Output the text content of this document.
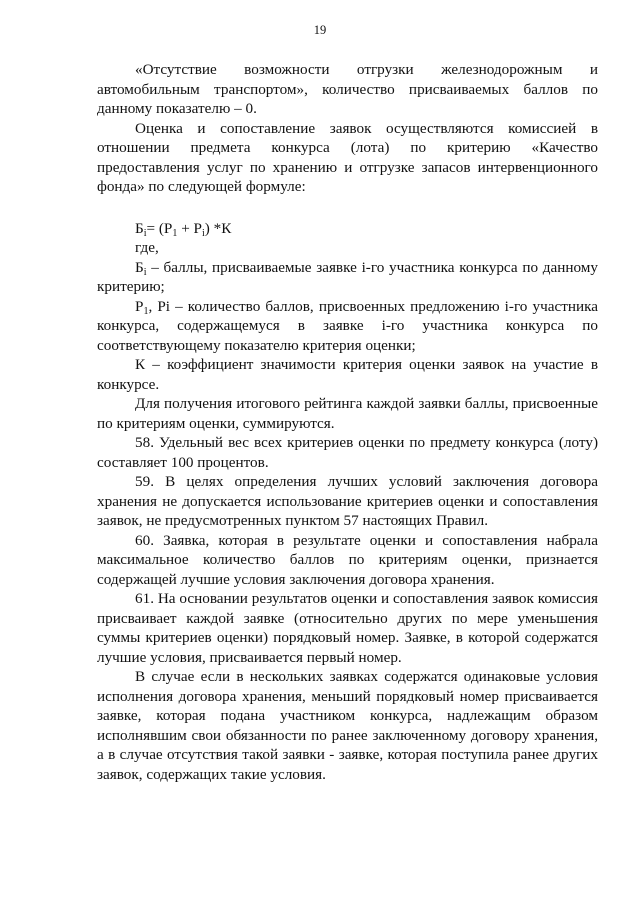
19

«Отсутствие возможности отгрузки железнодорожным и автомобильным транспортом», количество присваиваемых баллов по данному показателю – 0.

Оценка и сопоставление заявок осуществляются комиссией в отношении предмета конкурса (лота) по критерию «Качество предоставления услуг по хранению и отгрузке запасов интервенционного фонда» по следующей формуле:

$Б_i= (Р_1 + Р_i)$ *К
где,

$Б_i$ – баллы, присваиваемые заявке i-го участника конкурса по данному критерию;

$Р_1$, Рi – количество баллов, присвоенных предложению i-го участника конкурса, содержащемуся в заявке i-го участника конкурса по соответствующему показателю критерия оценки;

К – коэффициент значимости критерия оценки заявок на участие в конкурсе.

Для получения итогового рейтинга каждой заявки баллы, присвоенные по критериям оценки, суммируются.

58. Удельный вес всех критериев оценки по предмету конкурса (лоту) составляет 100 процентов.

59. В целях определения лучших условий заключения договора хранения не допускается использование критериев оценки и сопоставления заявок, не предусмотренных пунктом 57 настоящих Правил.

60. Заявка, которая в результате оценки и сопоставления набрала максимальное количество баллов по критериям оценки, признается содержащей лучшие условия заключения договора хранения.

61. На основании результатов оценки и сопоставления заявок комиссия присваивает каждой заявке (относительно других по мере уменьшения суммы критериев оценки) порядковый номер. Заявке, в которой содержатся лучшие условия, присваивается первый номер.

В случае если в нескольких заявках содержатся одинаковые условия исполнения договора хранения, меньший порядковый номер присваивается заявке, которая подана участником конкурса, надлежащим образом исполнявшим свои обязанности по ранее заключенному договору хранения, а в случае отсутствия такой заявки - заявке, которая поступила ранее других заявок, содержащих такие условия.
